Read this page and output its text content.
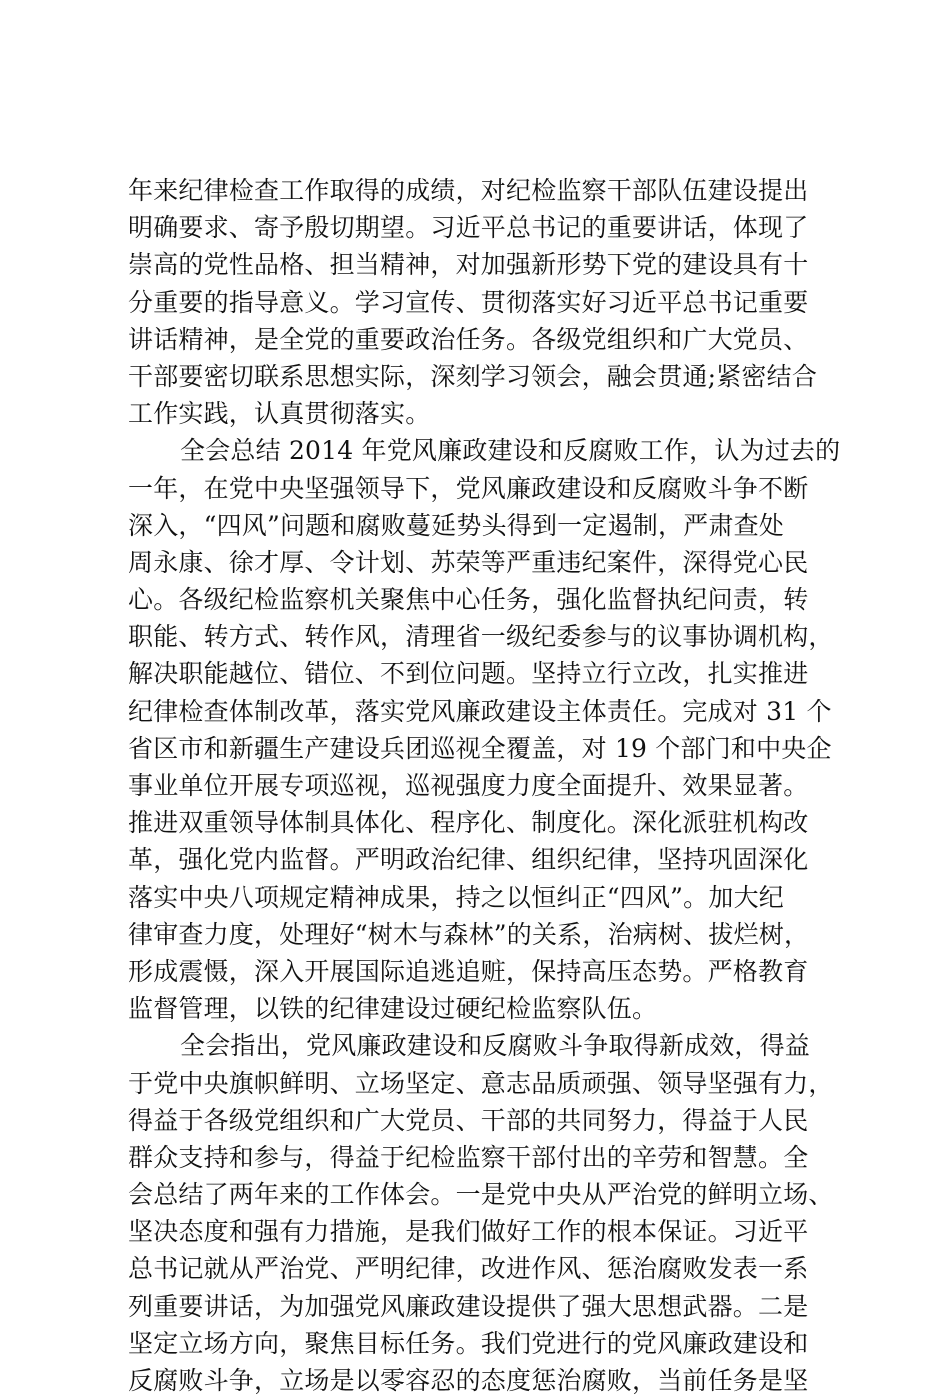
年来纪律检查工作取得的成绩，对纪检监察干部队伍建设提出
明确要求、寄予殷切期望。习近平总书记的重要讲话，体现了
崇高的党性品格、担当精神，对加强新形势下党的建设具有十
分重要的指导意义。学习宣传、贯彻落实好习近平总书记重要
讲话精神，是全党的重要政治任务。各级党组织和广大党员、
干部要密切联系思想实际，深刻学习领会，融会贯通;紧密结合
工作实践，认真贯彻落实。
全会总结 2014 年党风廉政建设和反腐败工作，认为过去的
一年，在党中央坚强领导下，党风廉政建设和反腐败斗争不断
深入，“四风”问题和腐败蔓延势头得到一定遏制，严肃查处
周永康、徐才厚、令计划、苏荣等严重违纪案件，深得党心民
心。各级纪检监察机关聚焦中心任务，强化监督执纪问责，转
职能、转方式、转作风，清理省一级纪委参与的议事协调机构，
解决职能越位、错位、不到位问题。坚持立行立改，扎实推进
纪律检查体制改革，落实党风廉政建设主体责任。完成对 31 个
省区市和新疆生产建设兵团巡视全覆盖，对 19 个部门和中央企
事业单位开展专项巡视，巡视强度力度全面提升、效果显著。
推进双重领导体制具体化、程序化、制度化。深化派驻机构改
革，强化党内监督。严明政治纪律、组织纪律，坚持巩固深化
落实中央八项规定精神成果，持之以恒纠正“四风”。加大纪
律审查力度，处理好“树木与森林”的关系，治病树、拔烂树，
形成震慑，深入开展国际追逃追赃，保持高压态势。严格教育
监督管理，以铁的纪律建设过硬纪检监察队伍。
全会指出，党风廉政建设和反腐败斗争取得新成效，得益
于党中央旗帜鲜明、立场坚定、意志品质顽强、领导坚强有力，
得益于各级党组织和广大党员、干部的共同努力，得益于人民
群众支持和参与，得益于纪检监察干部付出的辛劳和智慧。全
会总结了两年来的工作体会。一是党中央从严治党的鲜明立场、
坚决态度和强有力措施，是我们做好工作的根本保证。习近平
总书记就从严治党、严明纪律，改进作风、惩治腐败发表一系
列重要讲话，为加强党风廉政建设提供了强大思想武器。二是
坚定立场方向，聚焦目标任务。我们党进行的党风廉政建设和
反腐败斗争，立场是以零容忍的态度惩治腐败，当前任务是坚
